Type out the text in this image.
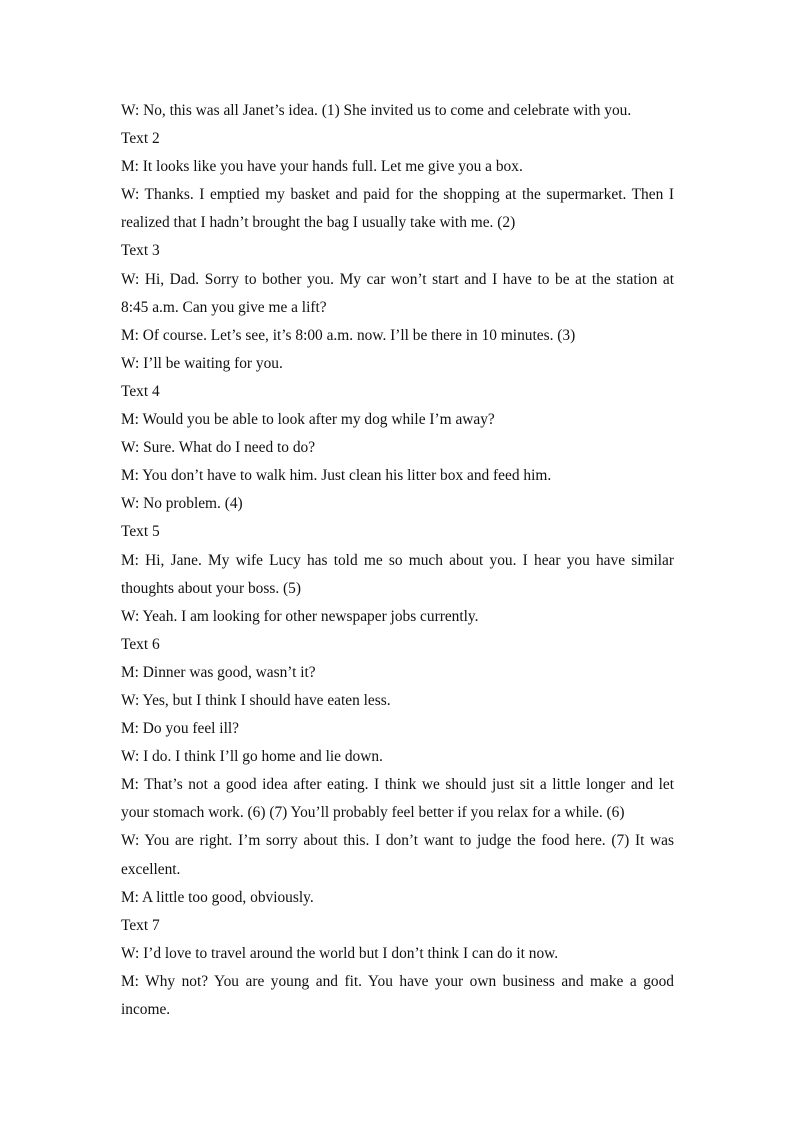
W: No, this was all Janet’s idea. (1) She invited us to come and celebrate with you.
Text 2
M: It looks like you have your hands full. Let me give you a box.
W: Thanks. I emptied my basket and paid for the shopping at the supermarket. Then I
realized that I hadn’t brought the bag I usually take with me. (2)
Text 3
W: Hi, Dad. Sorry to bother you. My car won’t start and I have to be at the station at
8:45 a.m. Can you give me a lift?
M: Of course. Let’s see, it’s 8:00 a.m. now. I’ll be there in 10 minutes. (3)
W: I’ll be waiting for you.
Text 4
M: Would you be able to look after my dog while I’m away?
W: Sure. What do I need to do?
M: You don’t have to walk him. Just clean his litter box and feed him.
W: No problem. (4)
Text 5
M: Hi, Jane. My wife Lucy has told me so much about you. I hear you have similar
thoughts about your boss. (5)
W: Yeah. I am looking for other newspaper jobs currently.
Text 6
M: Dinner was good, wasn’t it?
W: Yes, but I think I should have eaten less.
M: Do you feel ill?
W: I do. I think I’ll go home and lie down.
M: That’s not a good idea after eating. I think we should just sit a little longer and let
your stomach work. (6) (7) You’ll probably feel better if you relax for a while. (6)
W: You are right. I’m sorry about this. I don’t want to judge the food here. (7) It was
excellent.
M: A little too good, obviously.
Text 7
W: I’d love to travel around the world but I don’t think I can do it now.
M: Why not? You are young and fit. You have your own business and make a good
income.
